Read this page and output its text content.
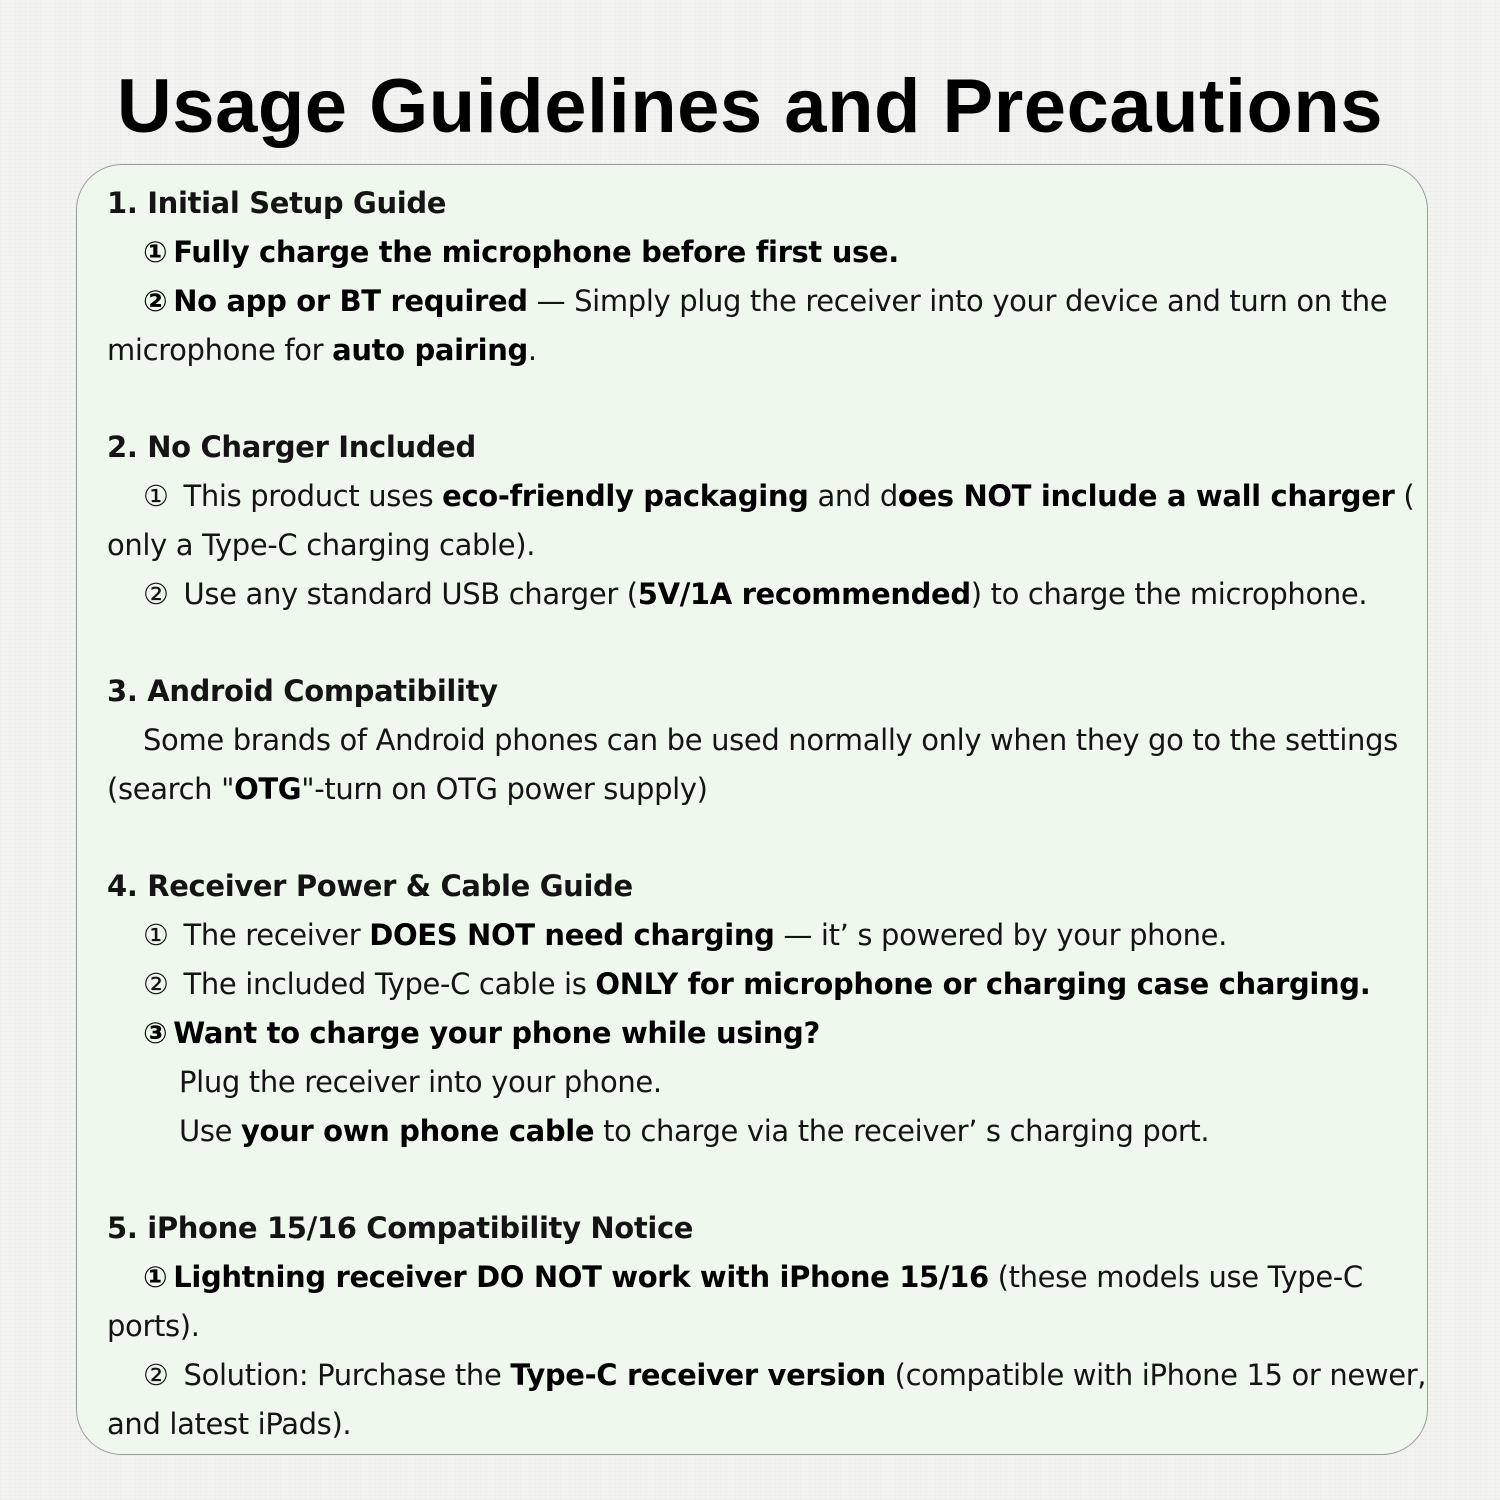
Usage Guidelines and Precautions
1. Initial Setup Guide
① Fully charge the microphone before first use.
② No app or BT required — Simply plug the receiver into your device and turn on the
microphone for auto pairing.
2. No Charger Included
① This product uses eco-friendly packaging and does NOT include a wall charger (
only a Type-C charging cable).
② Use any standard USB charger (5V/1A recommended) to charge the microphone.
3. Android Compatibility
Some brands of Android phones can be used normally only when they go to the settings
(search "OTG"-turn on OTG power supply)
4. Receiver Power & Cable Guide
① The receiver DOES NOT need charging — it’ s powered by your phone.
② The included Type-C cable is ONLY for microphone or charging case charging.
③ Want to charge your phone while using?
Plug the receiver into your phone.
Use your own phone cable to charge via the receiver’ s charging port.
5. iPhone 15/16 Compatibility Notice
① Lightning receiver DO NOT work with iPhone 15/16 (these models use Type-C
ports).
② Solution: Purchase the Type-C receiver version (compatible with iPhone 15 or newer,
and latest iPads).
